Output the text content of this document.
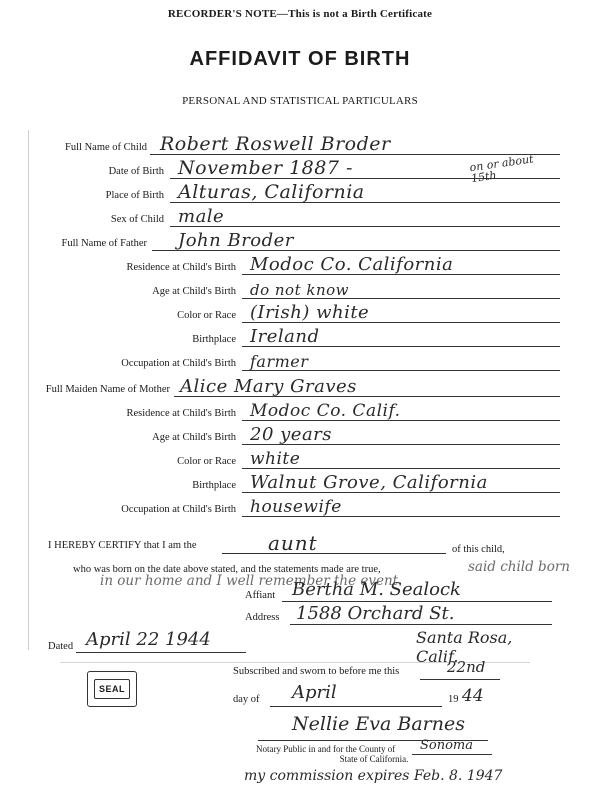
RECORDER'S NOTE—This is not a Birth Certificate
AFFIDAVIT OF BIRTH
PERSONAL AND STATISTICAL PARTICULARS
Full Name of Child Robert Roswell Broder
Date of Birth November 1887 -	on or about 15th
Place of Birth Alturas, California
Sex of Child male
Full Name of Father John Broder
Residence at Child's Birth Modoc Co. California
Age at Child's Birth do not know
Color or Race (Irish) white
Birthplace Ireland
Occupation at Child's Birth farmer
Full Maiden Name of Mother Alice Mary Graves
Residence at Child's Birth Modoc Co. Calif.
Age at Child's Birth 20 years
Color or Race white
Birthplace Walnut Grove, California
Occupation at Child's Birth housewife
I HEREBY CERTIFY that I am the	aunt	of this child,
who was born on the date above stated, and the statements made are true,	said child born in our home and I well remember the event
Affiant Bertha M. Sealock
Address 1588 Orchard St.
Dated April 22 1944	Santa Rosa, Calif.
Subscribed and sworn to before me this	22nd
SEAL
day of April	19 44
Nellie Eva Barnes
Notary Public in and for the County of Sonoma
State of California.
my commission expires Feb. 8. 1947
